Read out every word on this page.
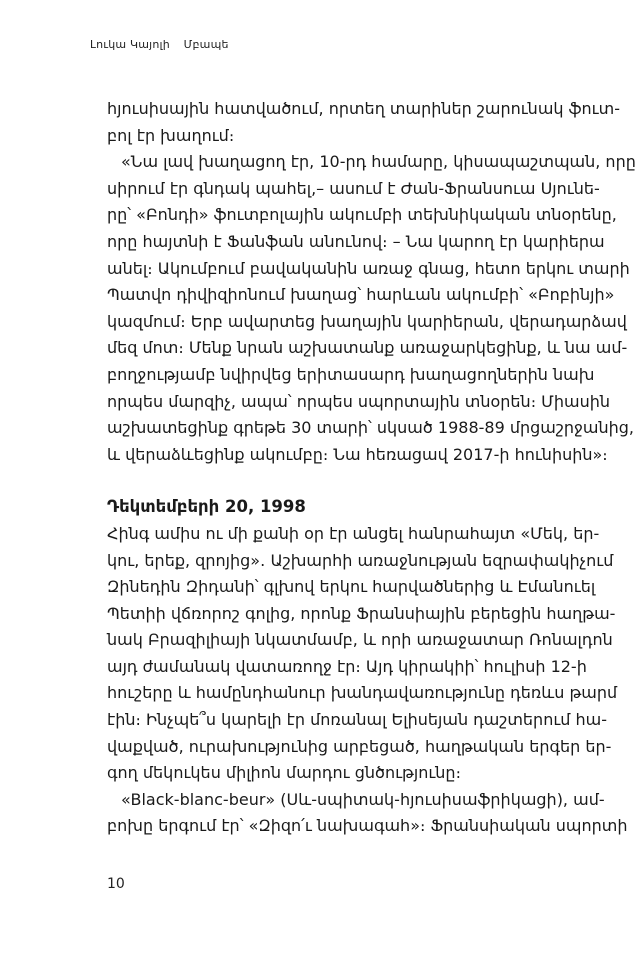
Լուկա Կայոլի Մբապե
հյուսիսային հատվածում, որտեղ տարիներ շարունակ ֆուտ-
բոլ էր խաղում։
«Նա լավ խաղացող էր, 10-րդ համարը, կիսապաշտպան, որը
սիրում էր գնդակ պահել,– ասում է Ժան-Ֆրանսուա Սյունե-
րը՝ «Բոնդի» ֆուտբոլային ակումբի տեխնիկական տնօրենը,
որը հայտնի է Ֆանֆան անունով։ – Նա կարող էր կարիերա
անել։ Ակումբում բավականին առաջ գնաց, հետո երկու տարի
Պատվո դիվիզիոնում խաղաց՝ հարևան ակումբի՝ «Բոբինյի»
կազմում։ Երբ ավարտեց խաղային կարիերան, վերադարձավ
մեզ մոտ։ Մենք նրան աշխատանք առաջարկեցինք, և նա ամ-
բողջությամբ նվիրվեց երիտասարդ խաղացողներին նախ
որպես մարզիչ, ապա՝ որպես սպորտային տնօրեն։ Միասին
աշխատեցինք գրեթե 30 տարի՝ սկսած 1988-89 մրցաշրջանից,
և վերաձևեցինք ակումբը։ Նա հեռացավ 2017-ի հունիսին»։
Դեկտեմբերի 20, 1998
Հինգ ամիս ու մի քանի օր էր անցել հանրահայտ «Մեկ, եր-
կու, երեք, զրոյից»․ Աշխարհի առաջնության եզրափակիչում
Զինեդին Զիդանի՝ գլխով երկու հարվածներից և Էմանուել
Պետիի վճռորոշ գոլից, որոնք Ֆրանսիային բերեցին հաղթա-
նակ Բրազիլիայի նկատմամբ, և որի առաջատար Ռոնալդոն
այդ ժամանակ վատառողջ էր։ Այդ կիրակիի՝ հուլիսի 12-ի
հուշերը և համընդհանուր խանդավառությունը դեռևս թարմ
էին։ Ինչպե՞ս կարելի էր մոռանալ Ելիսեյան դաշտերում հա-
վաքված, ուրախությունից արբեցած, հաղթական երգեր եր-
գող մեկուկես միլիոն մարդու ցնծությունը։
«Black-blanc-beur» (Սև-սպիտակ-հյուսիսաֆրիկացի), ամ-
բոխը երգում էր՝ «Զիզո՛ւ նախագահ»։ Ֆրանսիական սպորտի
10
